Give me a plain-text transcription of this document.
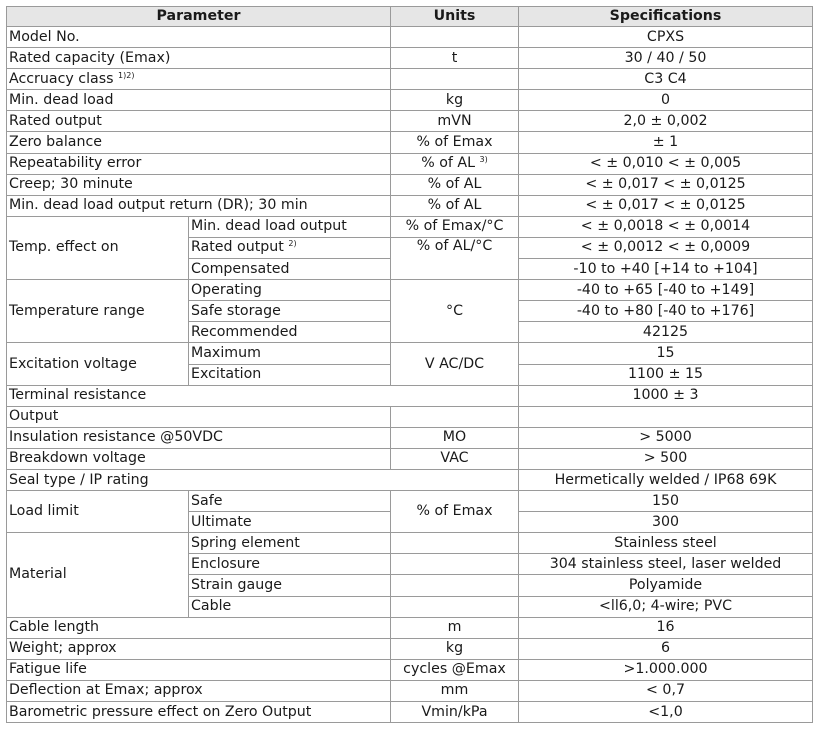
Parameter		Units	Specifications
Model No.			CPXS
Rated capacity (Emax)		t	30 / 40 / 50
Accruacy class $^{1)2)}$			C3 C4
Min. dead load		kg	0
Rated output		mVN	2,0 ± 0,002
Zero balance		% of Emax	± 1
Repeatability error		% of AL $^{3)}$	< ± 0,010 < ± 0,005
Creep; 30 minute		% of AL	< ± 0,017 < ± 0,0125
Min. dead load output return (DR); 30 min		% of AL	< ± 0,017 < ± 0,0125
Temp. effect on	Min. dead load output	% of Emax/°C	< ± 0,0018 < ± 0,0014
	Rated output $^{2)}$	% of AL/°C	< ± 0,0012 < ± 0,0009
	Compensated		-10 to +40 [+14 to +104]
Temperature range	Operating	°C	-40 to +65 [-40 to +149]
	Safe storage		-40 to +80 [-40 to +176]
	Recommended		42125
Excitation voltage	Maximum	V AC/DC	15
	Excitation		1100 ± 15
Terminal resistance			1000 ± 3
Output			
Insulation resistance @50VDC		MO	> 5000
Breakdown voltage		VAC	> 500
Seal type / IP rating			Hermetically welded / IP68 69K
Load limit	Safe	% of Emax	150
	Ultimate		300
Material	Spring element		Stainless steel
	Enclosure		304 stainless steel, laser welded
	Strain gauge		Polyamide
	Cable		<ll6,0; 4-wire; PVC
Cable length		m	16
Weight; approx		kg	6
Fatigue life		cycles @Emax	>1.000.000
Deflection at Emax; approx		mm	< 0,7
Barometric pressure effect on Zero Output		Vmin/kPa	<1,0
